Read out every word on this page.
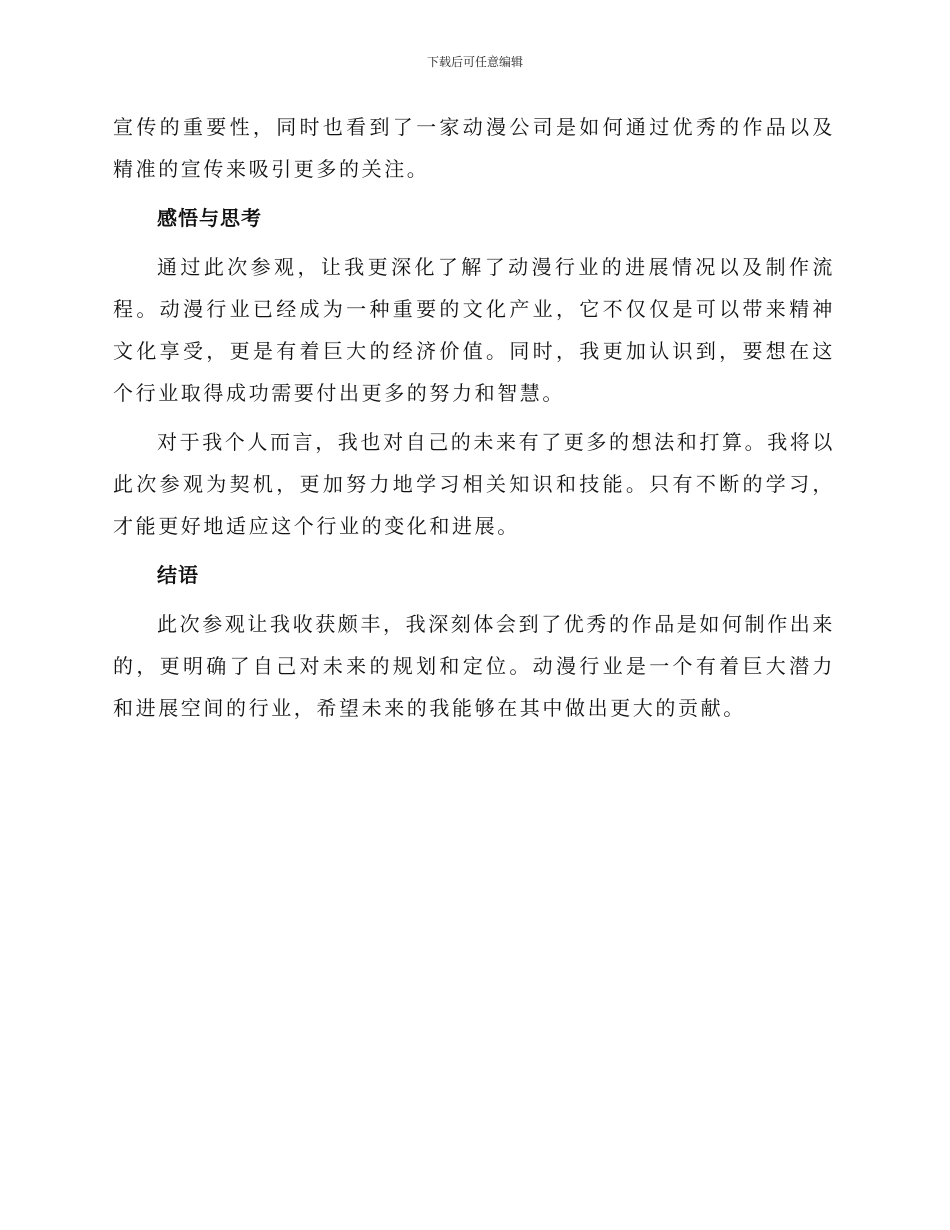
下载后可任意编辑

宣传的重要性，同时也看到了一家动漫公司是如何通过优秀的作品以及精准的宣传来吸引更多的关注。

感悟与思考

通过此次参观，让我更深化了解了动漫行业的进展情况以及制作流程。动漫行业已经成为一种重要的文化产业，它不仅仅是可以带来精神文化享受，更是有着巨大的经济价值。同时，我更加认识到，要想在这个行业取得成功需要付出更多的努力和智慧。

对于我个人而言，我也对自己的未来有了更多的想法和打算。我将以此次参观为契机，更加努力地学习相关知识和技能。只有不断的学习，才能更好地适应这个行业的变化和进展。

结语

此次参观让我收获颇丰，我深刻体会到了优秀的作品是如何制作出来的，更明确了自己对未来的规划和定位。动漫行业是一个有着巨大潜力和进展空间的行业，希望未来的我能够在其中做出更大的贡献。
